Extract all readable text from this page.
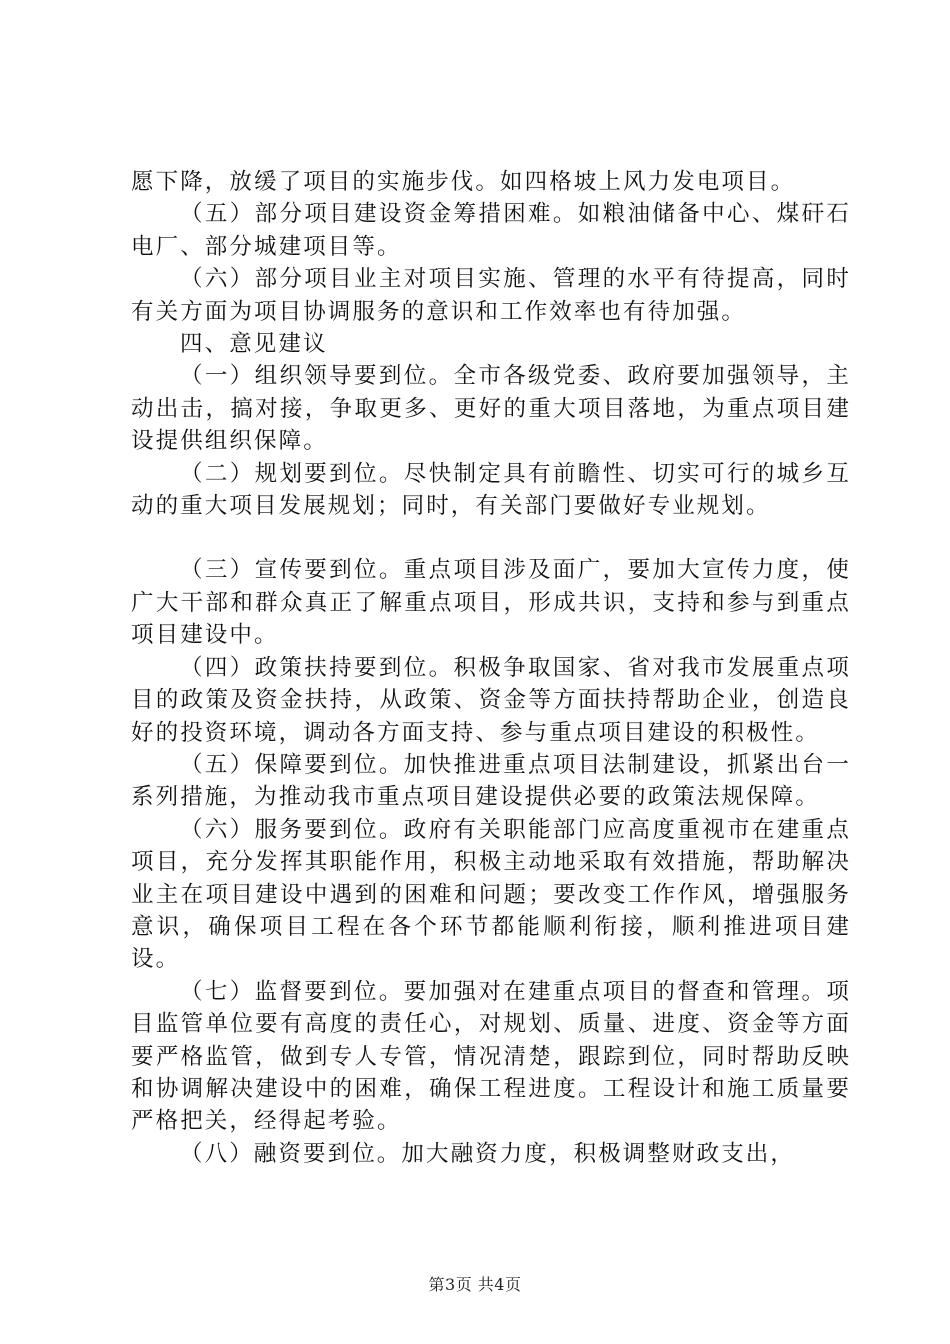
愿下降，放缓了项目的实施步伐。如四格坡上风力发电项目。

（五）部分项目建设资金筹措困难。如粮油储备中心、煤矸石电厂、部分城建项目等。

（六）部分项目业主对项目实施、管理的水平有待提高，同时有关方面为项目协调服务的意识和工作效率也有待加强。

四、意见建议

（一）组织领导要到位。全市各级党委、政府要加强领导，主动出击，搞对接，争取更多、更好的重大项目落地，为重点项目建设提供组织保障。

（二）规划要到位。尽快制定具有前瞻性、切实可行的城乡互动的重大项目发展规划；同时，有关部门要做好专业规划。

（三）宣传要到位。重点项目涉及面广，要加大宣传力度，使广大干部和群众真正了解重点项目，形成共识，支持和参与到重点项目建设中。

（四）政策扶持要到位。积极争取国家、省对我市发展重点项目的政策及资金扶持，从政策、资金等方面扶持帮助企业，创造良好的投资环境，调动各方面支持、参与重点项目建设的积极性。

（五）保障要到位。加快推进重点项目法制建设，抓紧出台一系列措施，为推动我市重点项目建设提供必要的政策法规保障。

（六）服务要到位。政府有关职能部门应高度重视市在建重点项目，充分发挥其职能作用，积极主动地采取有效措施，帮助解决业主在项目建设中遇到的困难和问题；要改变工作作风，增强服务意识，确保项目工程在各个环节都能顺利衔接，顺利推进项目建设。

（七）监督要到位。要加强对在建重点项目的督查和管理。项目监管单位要有高度的责任心，对规划、质量、进度、资金等方面要严格监管，做到专人专管，情况清楚，跟踪到位，同时帮助反映和协调解决建设中的困难，确保工程进度。工程设计和施工质量要严格把关，经得起考验。

（八）融资要到位。加大融资力度，积极调整财政支出，

第3页 共4页
